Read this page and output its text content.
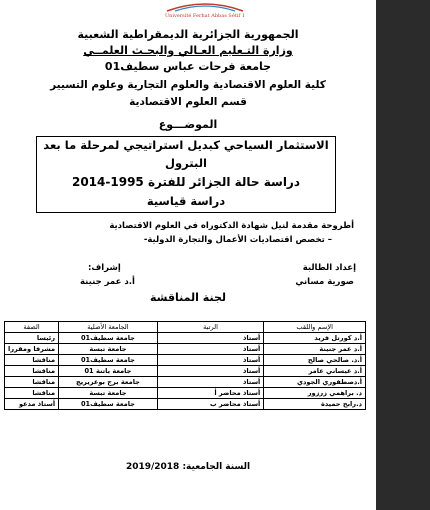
Université Ferhat Abbas Sétif 1
الجمهورية الجزائرية الديمقراطية الشعبية
وزارة التـعليم العـالي والبحـث العلمــي
جامعة فرحات عباس سطيف01
كلية العلوم الاقتصادية والعلوم التجارية وعلوم التسيير
قسم العلوم الاقتصادية
الموضـــوع
الاستثمار السياحي كبديل استراتيجي لمرحلة ما بعد
البترول
دراسة حالة الجزائر للفترة 1995-2014
دراسة قياسية
أطروحة مقدمة لنيل شهادة الدكتوراه في العلوم الاقتصادية
– تخصص اقتصاديات الأعمال والتجارة الدولية-
إعداد الطالبة
صورية مساني
إشراف:
أ.د عمر جنينة
لجنة المناقشة
الإسم واللقب	الرتبة	الجامعة الأصلية	الصفة
أ.د كورتل فريد	أستاذ	جامعة سطيف01	رئيسا
أ.د عمر جنينة	أستاذ	جامعة تبسة	مشرفا ومقررا
أ.د. صالحي صالح	أستاذ	جامعة سطيف01	مناقشا
أ.د عيساني عامر	أستاذ	جامعة باتنة 01	مناقشا
أ.دصطفوري الجودي	أستاذ	جامعة برج بوعريريج	مناقشا
د. براهمي زرزور	أستاذ محاضر أ	جامعة تبسة	مناقشا
د.رابح حميدة	أستاذ محاضر ب	جامعة سطيف01	أستاذ مدعو
السنة الجامعية: 2019/2018
